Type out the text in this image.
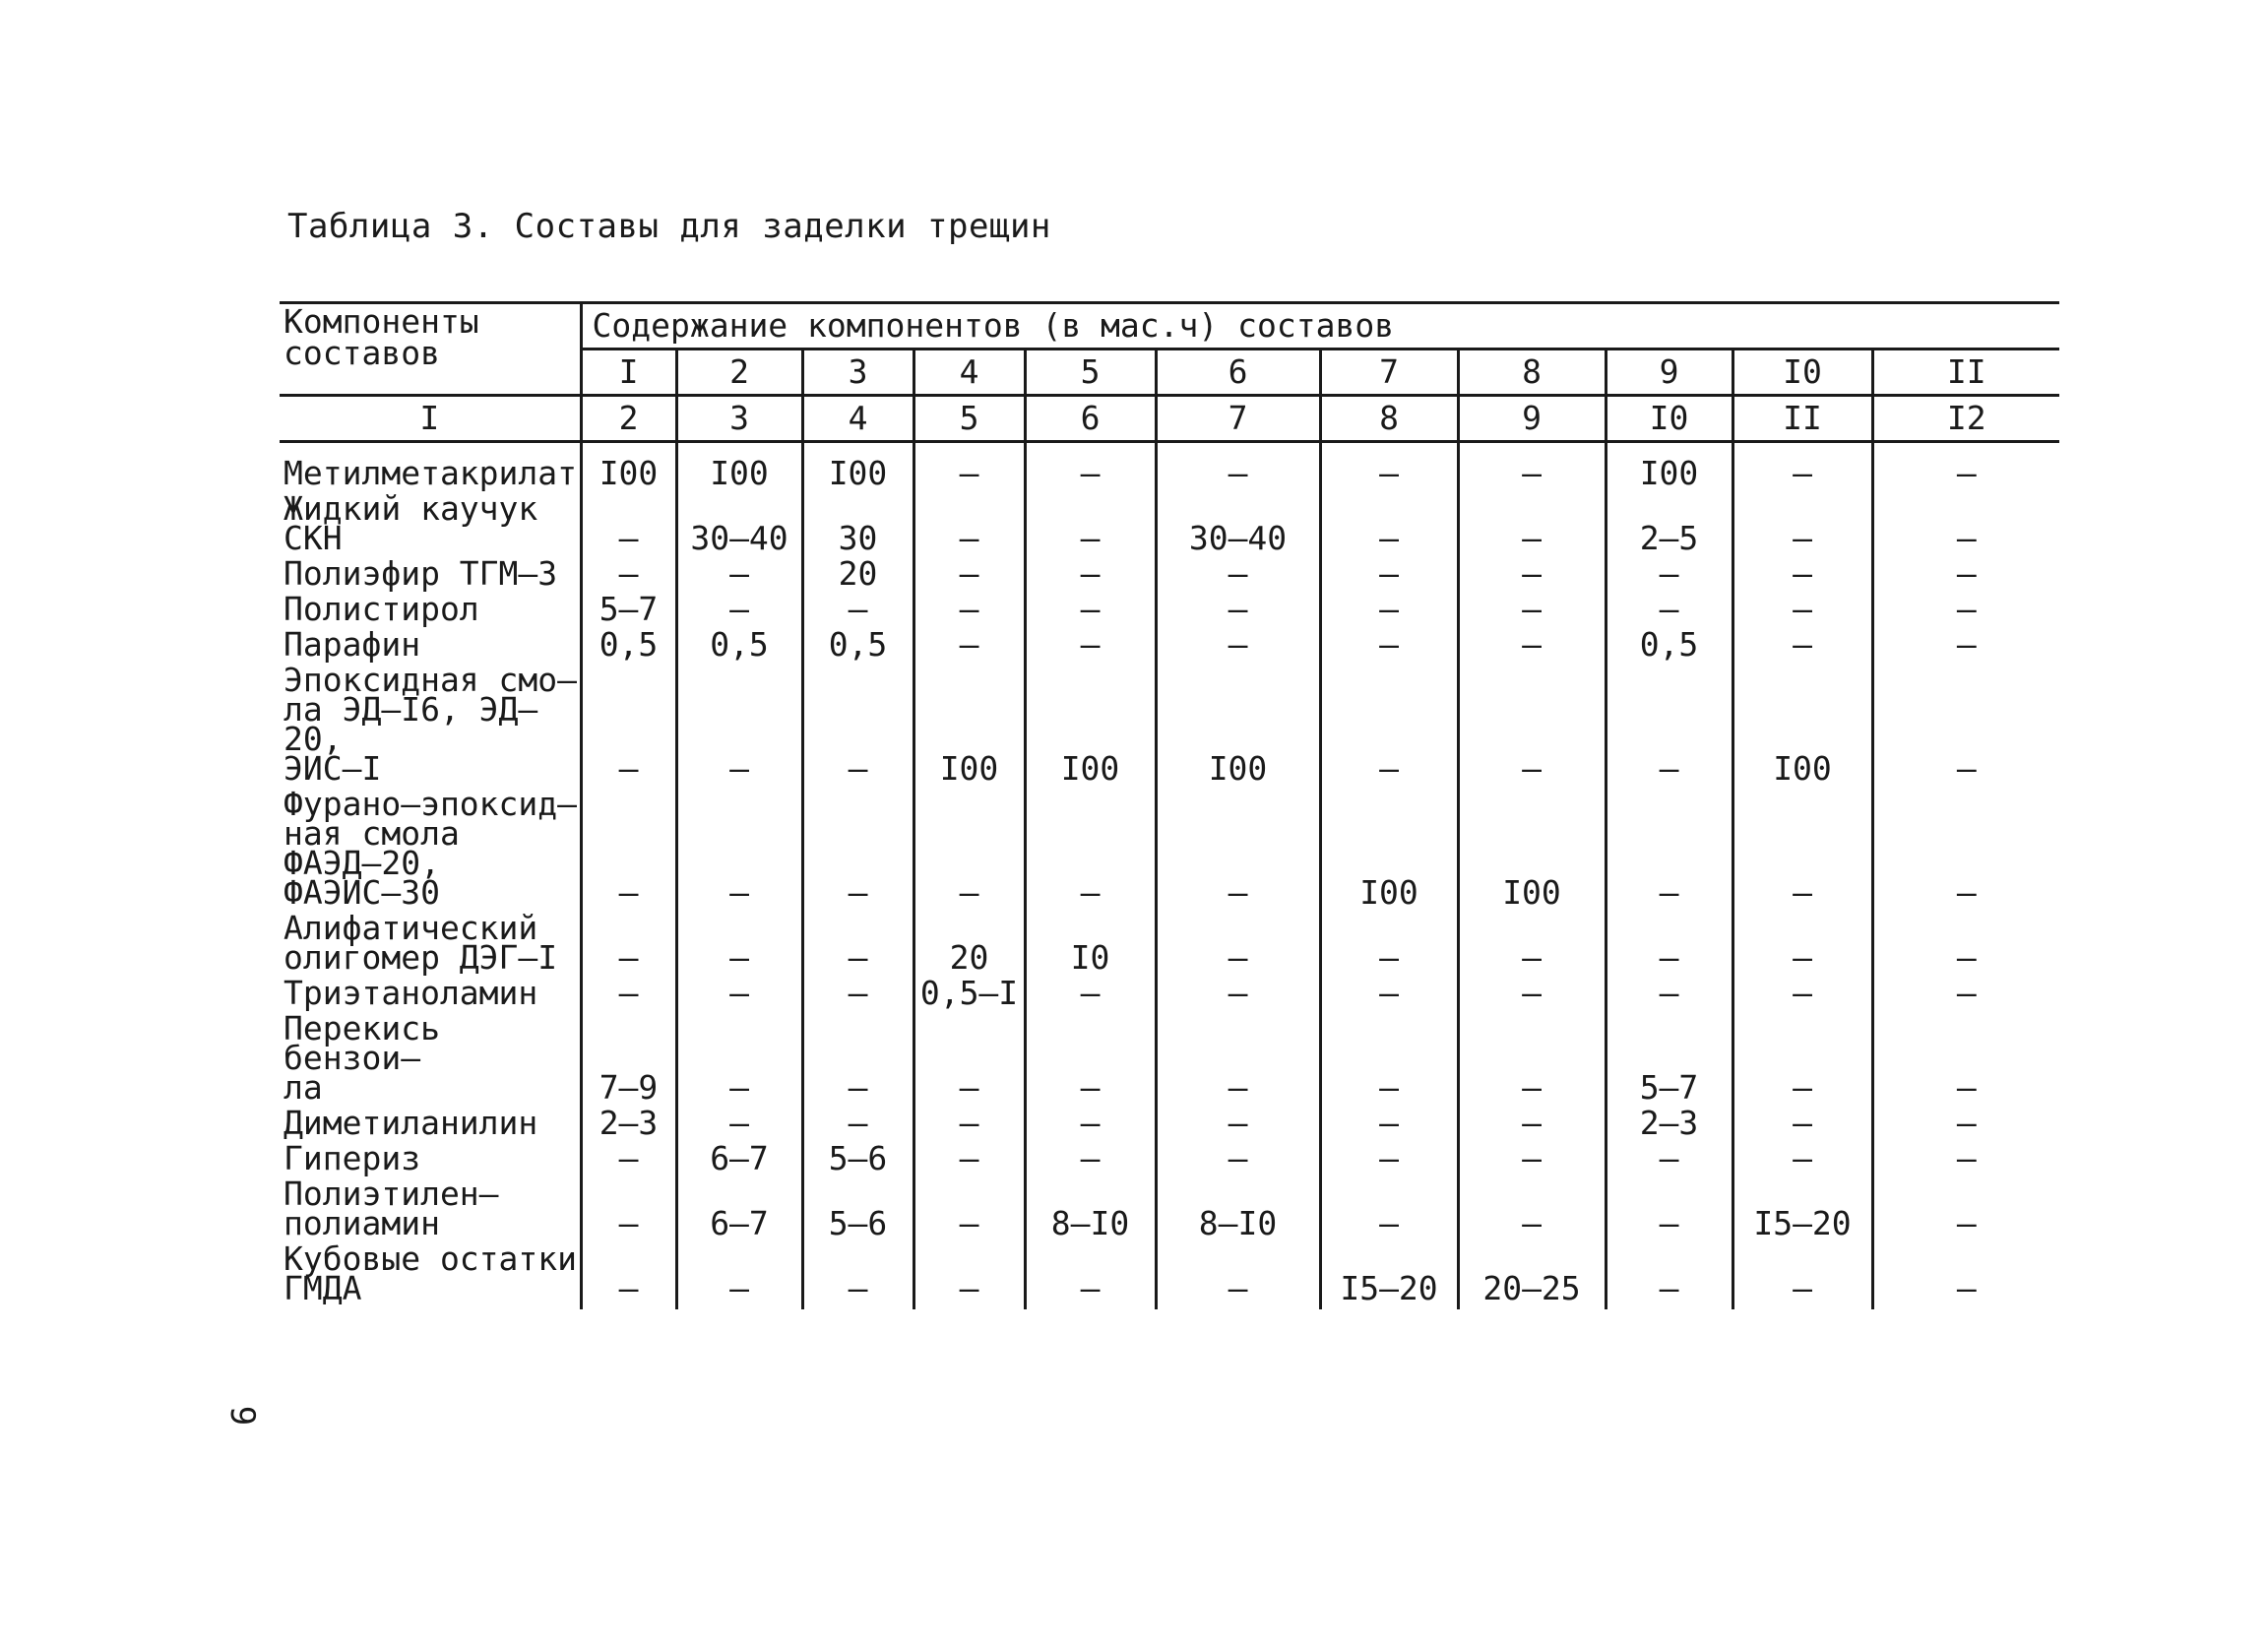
Таблица 3. Составы для заделки трещин
Компоненты
составов	Содержание компонентов (в мас.ч) составов										
	I	2	3	4	5	6	7	8	9	I0	II
I	2	3	4	5	6	7	8	9	I0	II	I2

Метилметакрилат	I00	I00	I00	–	–	–	–	–	I00	–	–

Жидкий каучук
СКН	–	30–40	30	–	–	30–40	–	–	2–5	–	–

Полиэфир ТГМ–3	–	–	20	–	–	–	–	–	–	–	–

Полистирол	5–7	–	–	–	–	–	–	–	–	–	–

Парафин	0,5	0,5	0,5	–	–	–	–	–	0,5	–	–

Эпоксидная смо–
ла ЭД–I6, ЭД–20,
ЭИС–I	–	–	–	I00	I00	I00	–	–	–	I00	–

Фурано–эпоксид–
ная смола
ФАЭД–20,
ФАЭИС–30	–	–	–	–	–	–	I00	I00	–	–	–

Алифатический
олигомер ДЭГ–I	–	–	–	20	I0	–	–	–	–	–	–

Триэтаноламин	–	–	–	0,5–I	–	–	–	–	–	–	–

Перекись бензои–
ла	7–9	–	–	–	–	–	–	–	5–7	–	–

Диметиланилин	2–3	–	–	–	–	–	–	–	2–3	–	–

Гипериз	–	6–7	5–6	–	–	–	–	–	–	–	–

Полиэтилен–
полиамин	–	6–7	5–6	–	8–I0	8–I0	–	–	–	I5–20	–

Кубовые остатки
ГМДА	–	–	–	–	–	–	I5–20	20–25	–	–	–
9
